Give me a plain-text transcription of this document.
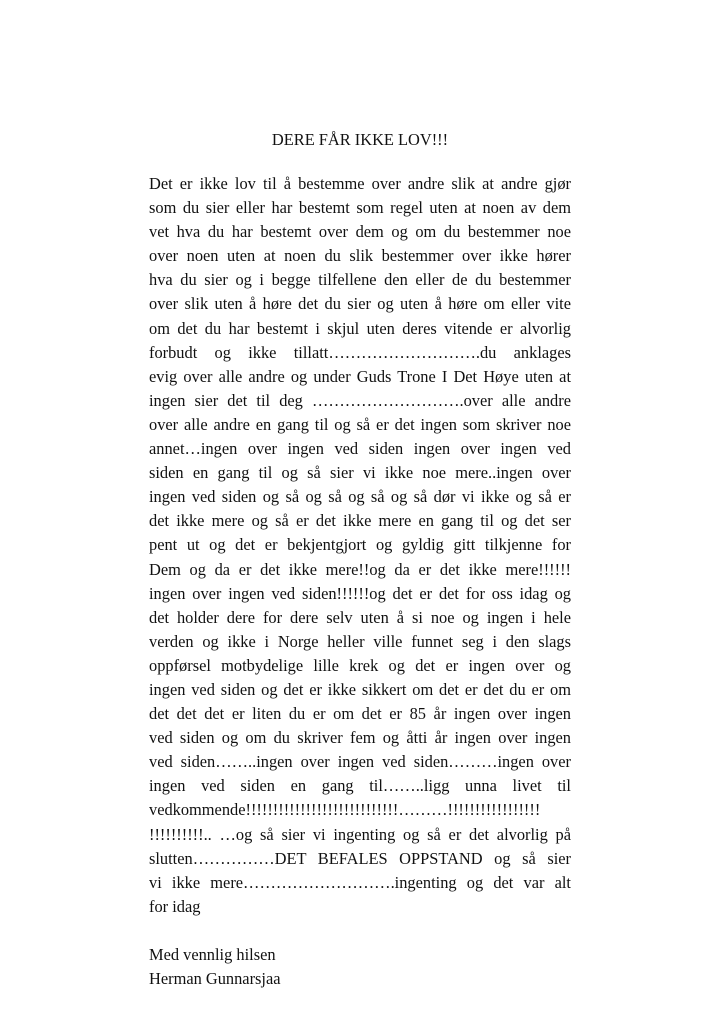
DERE FÅR IKKE LOV!!!
Det er ikke lov til å bestemme over andre slik at andre gjør
som du sier eller har bestemt som regel uten at noen av dem
vet hva du har bestemt over dem og om du bestemmer noe
over noen uten at noen du slik bestemmer over ikke hører
hva du sier og i begge tilfellene den eller de du bestemmer
over slik uten å høre det du sier og uten å høre om eller vite
om det du har bestemt i skjul uten deres vitende er alvorlig
forbudt og ikke tillatt……………………….du anklages
evig over alle andre og under Guds Trone I Det Høye uten at
ingen sier det til deg ……………………….over alle andre
over alle andre en gang til og så er det ingen som skriver noe
annet…ingen over ingen ved siden ingen over ingen ved
siden en gang til og så sier vi ikke noe mere..ingen over
ingen ved siden og så og så og så og så dør vi ikke og så er
det ikke mere og så er det ikke mere en gang til og det ser
pent ut og det er bekjentgjort og gyldig gitt tilkjenne for
Dem og da er det ikke mere!!og da er det ikke mere!!!!!!
ingen over ingen ved siden!!!!!!og det er det for oss idag og
det holder dere for dere selv uten å si noe og ingen i hele
verden og ikke i Norge heller ville funnet seg i den slags
oppførsel motbydelige lille krek og det er ingen over og
ingen ved siden og det er ikke sikkert om det er det du er om
det det det er liten du er om det er 85 år ingen over ingen
ved siden og om du skriver fem og åtti år ingen over ingen
ved siden……..ingen over ingen ved siden………ingen over
ingen ved siden en gang til……..ligg unna livet til
vedkommende!!!!!!!!!!!!!!!!!!!!!!!!!!!!………!!!!!!!!!!!!!!!!!
!!!!!!!!!!.. …og så sier vi ingenting og så er det alvorlig på
slutten……………DET BEFALES OPPSTAND og så sier
vi ikke mere……………………….ingenting og det var alt
for idag
Med vennlig hilsen
Herman Gunnarsjaa
